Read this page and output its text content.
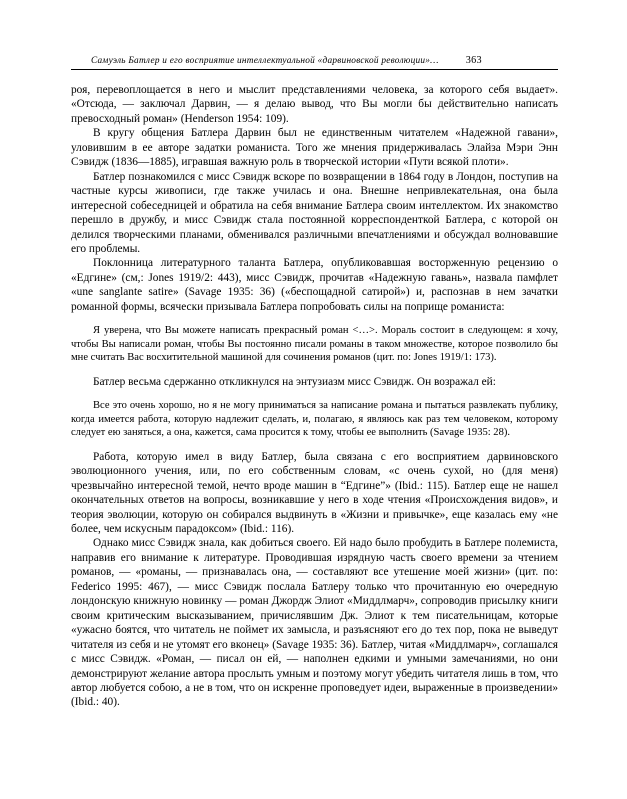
Самуэль Батлер и его восприятие интеллектуальной «дарвиновской революции»…	363

роя, перевоплощается в него и мыслит представлениями человека, за которого себя выдает». «Отсюда, — заключал Дарвин, — я делаю вывод, что Вы могли бы действительно написать превосходный роман» (Henderson 1954: 109).

В кругу общения Батлера Дарвин был не единственным читателем «Надежной гавани», уловившим в ее авторе задатки романиста. Того же мнения придерживалась Элайза Мэри Энн Сэвидж (1836—1885), игравшая важную роль в творческой истории «Пути всякой плоти».

Батлер познакомился с мисс Сэвидж вскоре по возвращении в 1864 году в Лондон, поступив на частные курсы живописи, где также училась и она. Внешне непривлекательная, она была интересной собеседницей и обратила на себя внимание Батлера своим интеллектом. Их знакомство перешло в дружбу, и мисс Сэвидж стала постоянной корреспонденткой Батлера, с которой он делился творческими планами, обменивался различными впечатлениями и обсуждал волновавшие его проблемы.

Поклонница литературного таланта Батлера, опубликовавшая восторженную рецензию о «Едгине» (см,: Jones 1919/2: 443), мисс Сэвидж, прочитав «Надежную гавань», назвала памфлет «une sanglante satire» (Savage 1935: 36) («беспощадной сатирой») и, распознав в нем зачатки романной формы, всячески призывала Батлера попробовать силы на поприще романиста:

Я уверена, что Вы можете написать прекрасный роман <…>. Мораль состоит в следующем: я хочу, чтобы Вы написали роман, чтобы Вы постоянно писали романы в таком множестве, которое позволило бы мне считать Вас восхитительной машиной для сочинения романов (цит. по: Jones 1919/1: 173).

Батлер весьма сдержанно откликнулся на энтузиазм мисс Сэвидж. Он возражал ей:

Все это очень хорошо, но я не могу приниматься за написание романа и пытаться развлекать публику, когда имеется работа, которую надлежит сделать, и, полагаю, я являюсь как раз тем человеком, которому следует ею заняться, а она, кажется, сама просится к тому, чтобы ее выполнить (Savage 1935: 28).

Работа, которую имел в виду Батлер, была связана с его восприятием дарвиновского эволюционного учения, или, по его собственным словам, «с очень сухой, но (для меня) чрезвычайно интересной темой, нечто вроде машин в “Едгине”» (Ibid.: 115). Батлер еще не нашел окончательных ответов на вопросы, возникавшие у него в ходе чтения «Происхождения видов», и теория эволюции, которую он собирался выдвинуть в «Жизни и привычке», еще казалась ему «не более, чем искусным парадоксом» (Ibid.: 116).

Однако мисс Сэвидж знала, как добиться своего. Ей надо было пробудить в Батлере полемиста, направив его внимание к литературе. Проводившая изрядную часть своего времени за чтением романов, — «романы, — признавалась она, — составляют все утешение моей жизни» (цит. по: Federico 1995: 467), — мисс Сэвидж послала Батлеру только что прочитанную ею очередную лондонскую книжную новинку — роман Джордж Элиот «Миддлмарч», сопроводив присылку книги своим критическим высказыванием, причислявшим Дж. Элиот к тем писательницам, которые «ужасно боятся, что читатель не поймет их замысла, и разъясняют его до тех пор, пока не выведут читателя из себя и не утомят его вконец» (Savage 1935: 36). Батлер, читая «Миддлмарч», соглашался с мисс Сэвидж. «Роман, — писал он ей, — наполнен едкими и умными замечаниями, но они демонстрируют желание автора прослыть умным и поэтому могут убедить читателя лишь в том, что автор любуется собою, а не в том, что он искренне проповедует идеи, выраженные в произведении» (Ibid.: 40).
